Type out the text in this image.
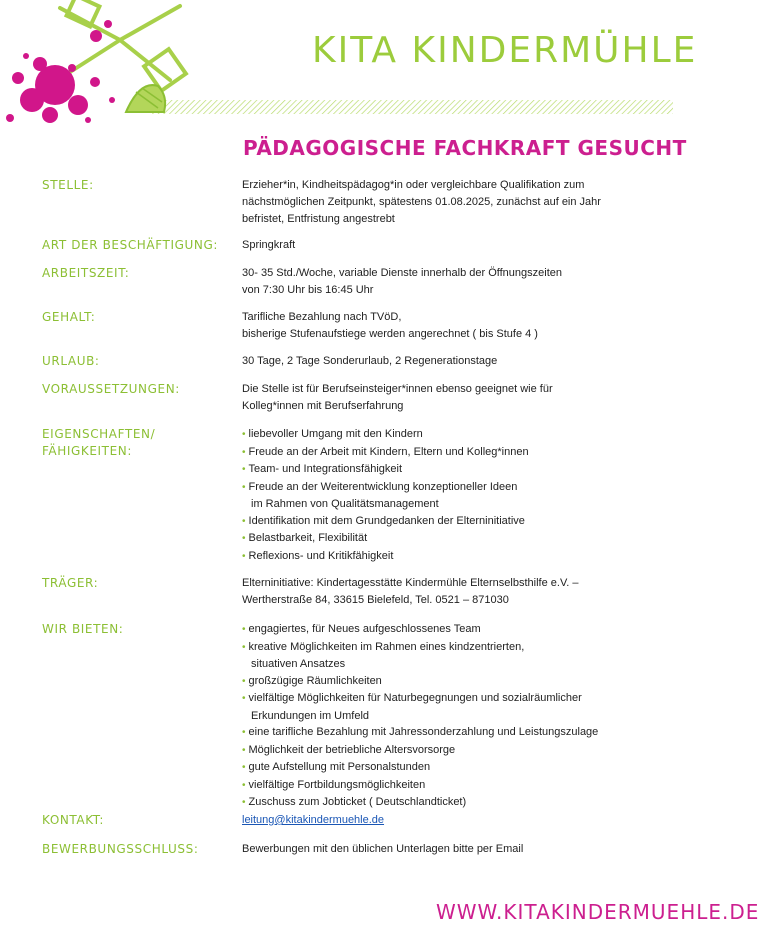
KITA KINDERMÜHLE
PÄDAGOGISCHE FACHKRAFT GESUCHT
STELLE:	Erzieher*in, Kindheitspädagog*in oder vergleichbare Qualifikation zum
nächstmöglichen Zeitpunkt, spätestens 01.08.2025, zunächst auf ein Jahr
befristet, Entfristung angestrebt
ART DER BESCHÄFTIGUNG: Springkraft
ARBEITSZEIT:	30- 35 Std./Woche, variable Dienste innerhalb der Öffnungszeiten
von 7:30 Uhr bis 16:45 Uhr
GEHALT:	Tarifliche Bezahlung nach TVöD,
bisherige Stufenaufstiege werden angerechnet ( bis Stufe 4 )
URLAUB:	30 Tage, 2 Tage Sonderurlaub, 2 Regenerationstage
VORAUSSETZUNGEN:	Die Stelle ist für Berufseinsteiger*innen ebenso geeignet wie für
Kolleg*innen mit Berufserfahrung
EIGENSCHAFTEN/
FÄHIGKEITEN:
• liebevoller Umgang mit den Kindern
• Freude an der Arbeit mit Kindern, Eltern und Kolleg*innen
• Team- und Integrationsfähigkeit
• Freude an der Weiterentwicklung konzeptioneller Ideen
im Rahmen von Qualitätsmanagement
• Identifikation mit dem Grundgedanken der Elterninitiative
• Belastbarkeit, Flexibilität
• Reflexions- und Kritikfähigkeit
TRÄGER:	Elterninitiative: Kindertagesstätte Kindermühle Elternselbsthilfe e.V. –
Wertherstraße 84, 33615 Bielefeld, Tel. 0521 – 871030
WIR BIETEN:	• engagiertes, für Neues aufgeschlossenes Team
• kreative Möglichkeiten im Rahmen eines kindzentrierten,
situativen Ansatzes
• großzügige Räumlichkeiten
• vielfältige Möglichkeiten für Naturbegegnungen und sozialräumlicher
Erkundungen im Umfeld
• eine tarifliche Bezahlung mit Jahressonderzahlung und Leistungszulage
• Möglichkeit der betriebliche Altersvorsorge
• gute Aufstellung mit Personalstunden
• vielfältige Fortbildungsmöglichkeiten
• Zuschuss zum Jobticket ( Deutschlandticket)
KONTAKT:	leitung@kitakindermuehle.de
BEWERBUNGSSCHLUSS:	Bewerbungen mit den üblichen Unterlagen bitte per Email
WWW.KITAKINDERMUEHLE.DE
